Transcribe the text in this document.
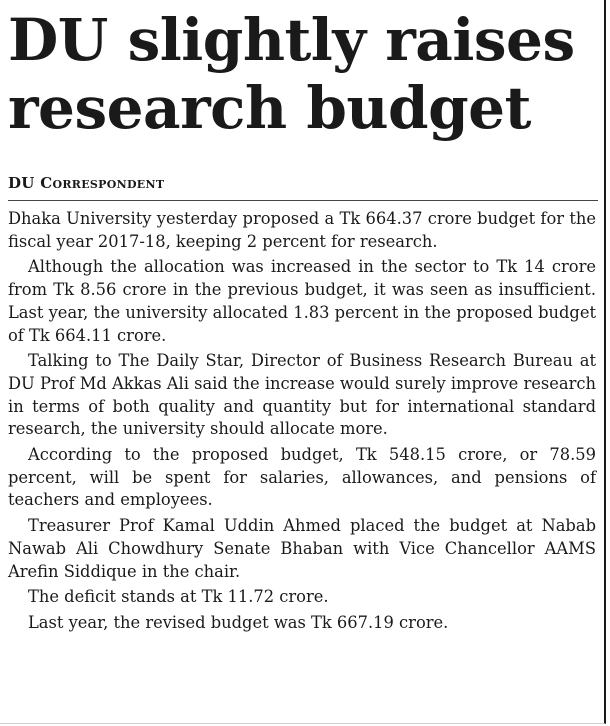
DU slightly raises research budget
DU Correspondent

Dhaka University yesterday proposed a Tk 664.37 crore budget for the fiscal year 2017-18, keeping 2 percent for research.

Although the allocation was increased in the sector to Tk 14 crore from Tk 8.56 crore in the previous budget, it was seen as insufficient. Last year, the university allocated 1.83 percent in the proposed budget of Tk 664.11 crore.

Talking to The Daily Star, Director of Business Research Bureau at DU Prof Md Akkas Ali said the increase would surely improve research in terms of both quality and quantity but for international standard research, the university should allocate more.

According to the proposed budget, Tk 548.15 crore, or 78.59 percent, will be spent for salaries, allowances, and pensions of teachers and employees.

Treasurer Prof Kamal Uddin Ahmed placed the budget at Nabab Nawab Ali Chowdhury Senate Bhaban with Vice Chancellor AAMS Arefin Siddique in the chair.

The deficit stands at Tk 11.72 crore.

Last year, the revised budget was Tk 667.19 crore.
